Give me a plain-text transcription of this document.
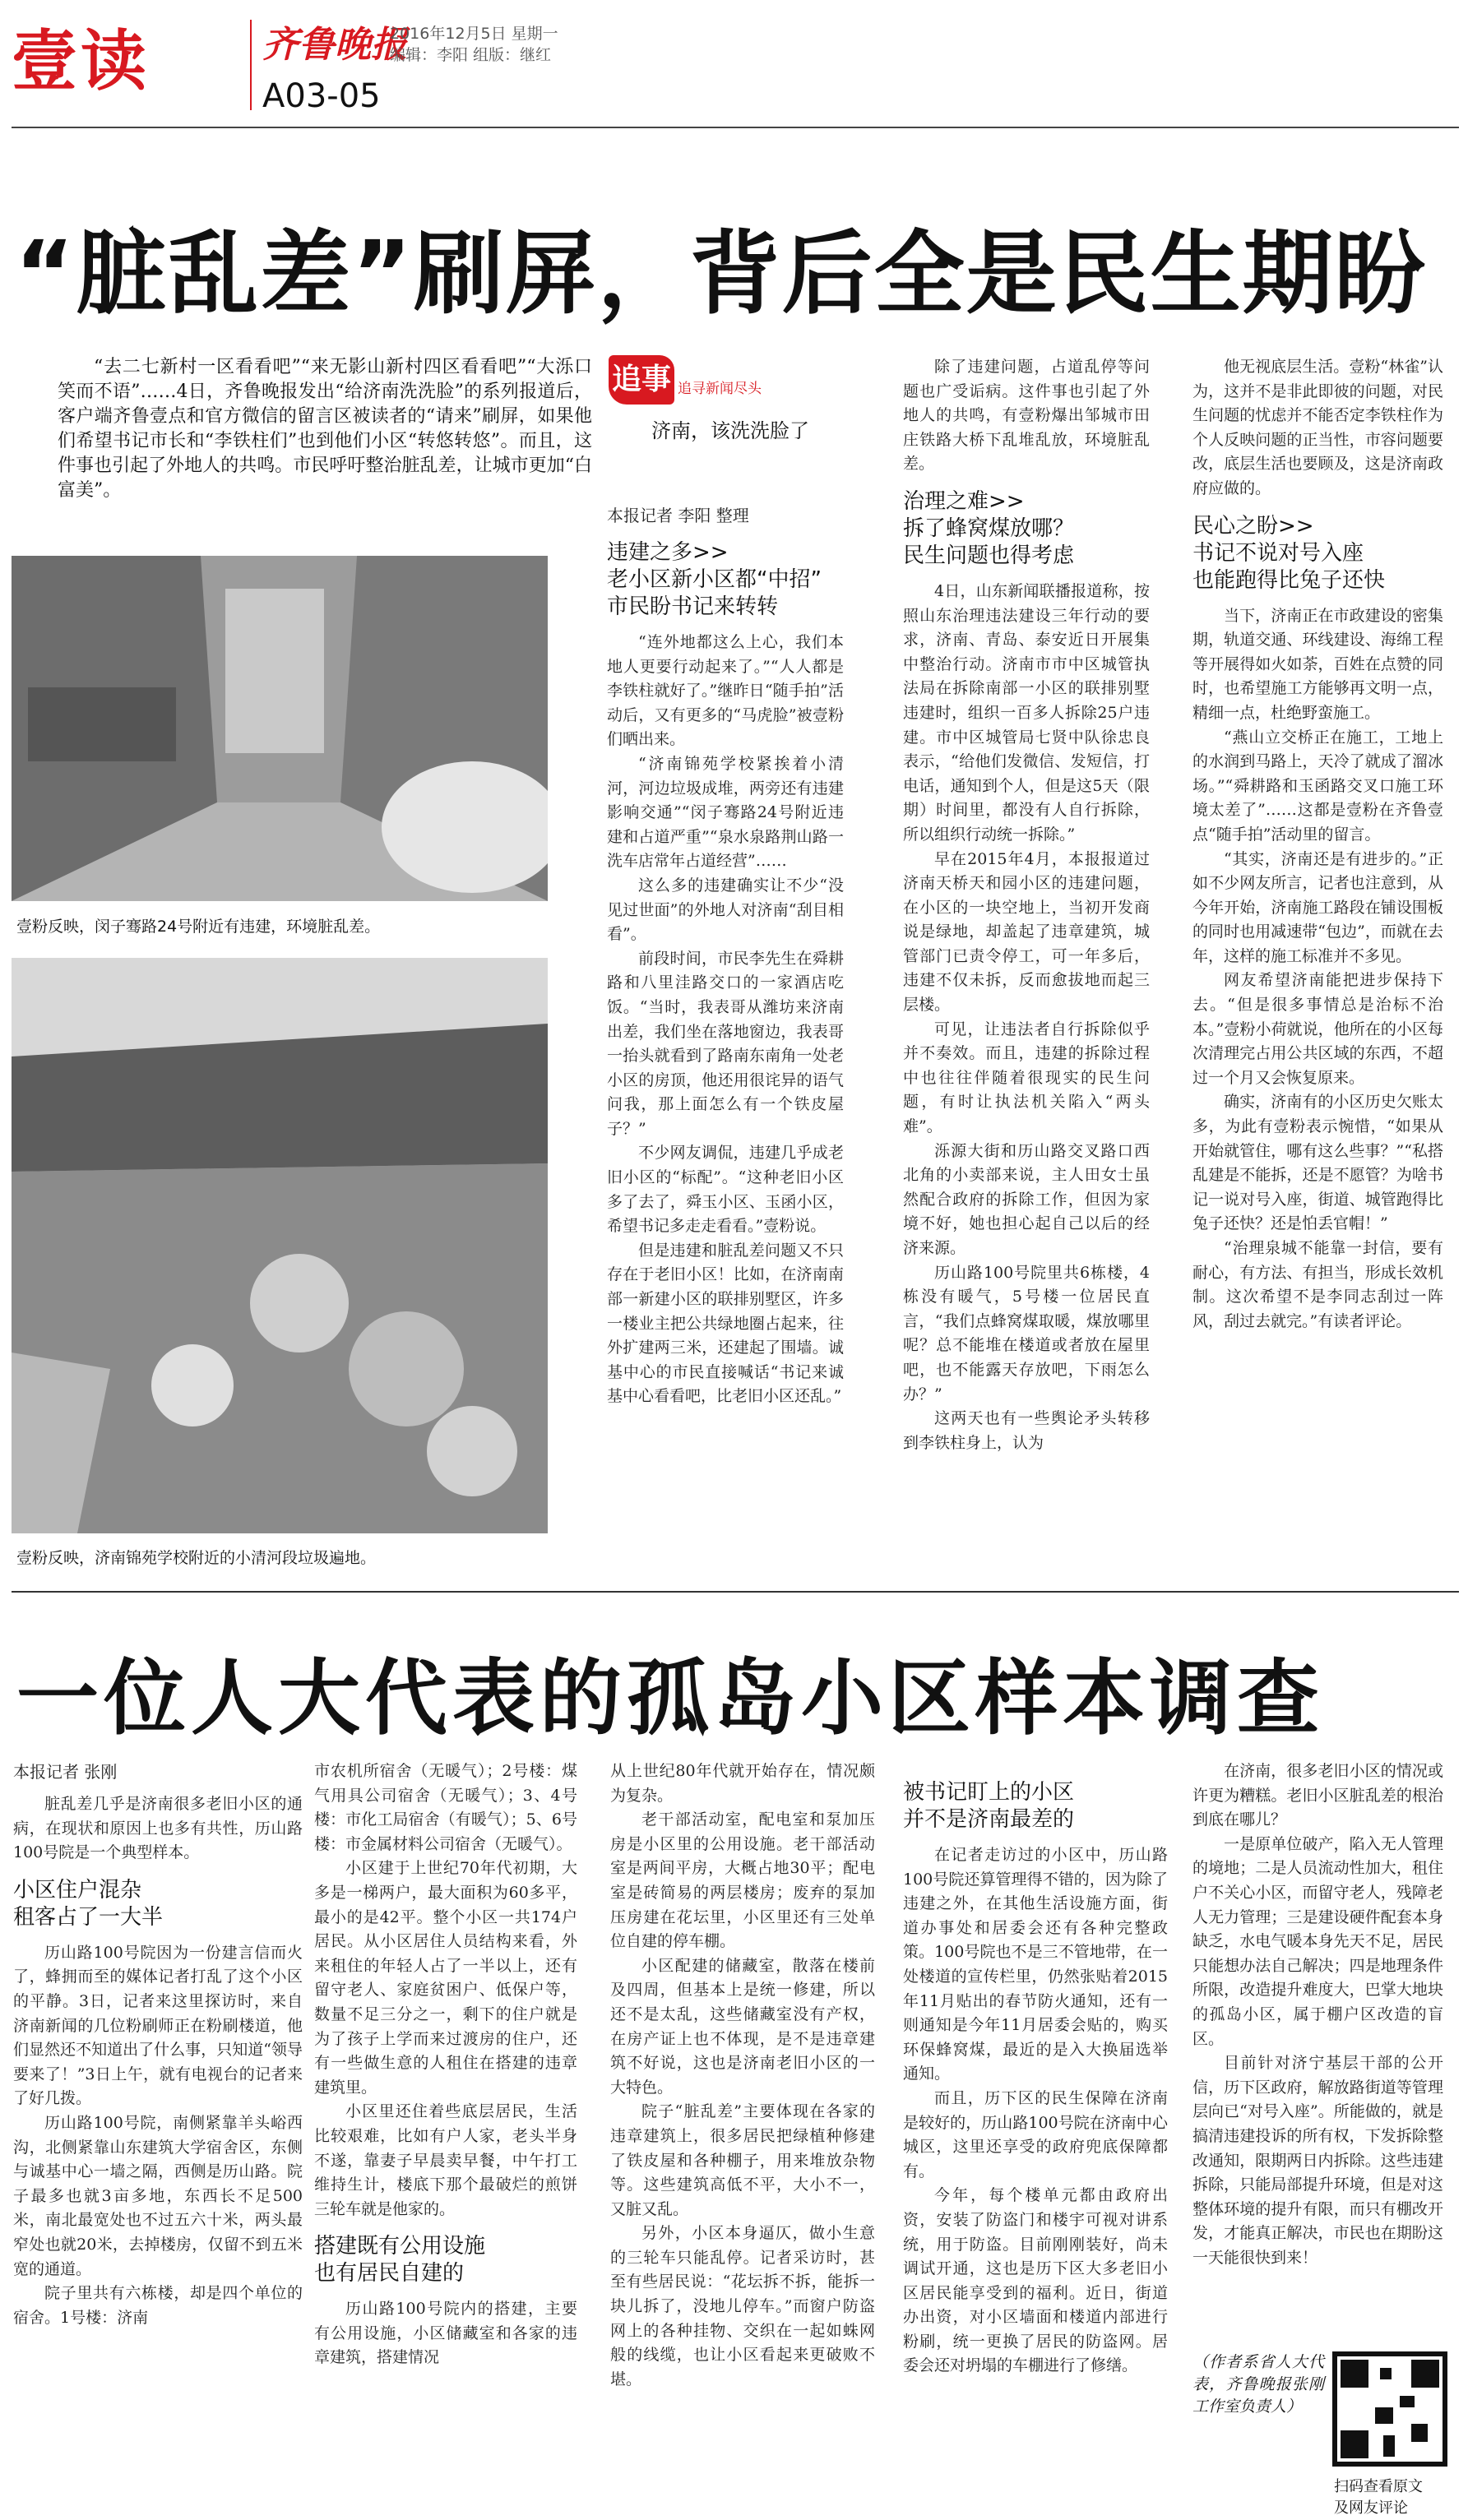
壹读	齐鲁晚报
2016年12月5日 星期一
编辑：李阳 组版：继红
A03-05
“脏乱差”刷屏，背后全是民生期盼

“去二七新村一区看看吧”“来无影山新村四区看看吧”“大泺口笑而不语”……4日，齐鲁晚报发出“给济南洗洗脸”的系列报道后，客户端齐鲁壹点和官方微信的留言区被读者的“请来”刷屏，如果他们希望书记市长和“李铁柱们”也到他们小区“转悠转悠”。而且，这件事也引起了外地人的共鸣。市民呼吁整治脏乱差，让城市更加“白富美”。

壹粉反映，闵子骞路24号附近有违建，环境脏乱差。
壹粉反映，济南锦苑学校附近的小清河段垃圾遍地。
追事 追寻新闻尽头
济南，该洗洗脸了
本报记者 李阳 整理
违建之多>>
老小区新小区都“中招”
市民盼书记来转转

“连外地都这么上心，我们本地人更要行动起来了。”“人人都是李铁柱就好了。”继昨日“随手拍”活动后，又有更多的“马虎脸”被壹粉们晒出来。

“济南锦苑学校紧挨着小清河，河边垃圾成堆，两旁还有违建影响交通”“闵子骞路24号附近违建和占道严重”“泉水泉路荆山路一洗车店常年占道经营”……

这么多的违建确实让不少“没见过世面”的外地人对济南“刮目相看”。

前段时间，市民李先生在舜耕路和八里洼路交口的一家酒店吃饭。“当时，我表哥从潍坊来济南出差，我们坐在落地窗边，我表哥一抬头就看到了路南东南角一处老小区的房顶，他还用很诧异的语气问我，那上面怎么有一个铁皮屋子？”

不少网友调侃，违建几乎成老旧小区的“标配”。“这种老旧小区多了去了，舜玉小区、玉函小区，希望书记多走走看看。”壹粉说。

但是违建和脏乱差问题又不只存在于老旧小区！比如，在济南南部一新建小区的联排别墅区，许多一楼业主把公共绿地圈占起来，往外扩建两三米，还建起了围墙。诚基中心的市民直接喊话“书记来诚基中心看看吧，比老旧小区还乱。”

除了违建问题，占道乱停等问题也广受诟病。这件事也引起了外地人的共鸣，有壹粉爆出邹城市田庄铁路大桥下乱堆乱放，环境脏乱差。

治理之难>>
拆了蜂窝煤放哪？
民生问题也得考虑

4日，山东新闻联播报道称，按照山东治理违法建设三年行动的要求，济南、青岛、泰安近日开展集中整治行动。济南市市中区城管执法局在拆除南部一小区的联排别墅违建时，组织一百多人拆除25户违建。市中区城管局七贤中队徐忠良表示，“给他们发微信、发短信，打电话，通知到个人，但是这5天（限期）时间里，都没有人自行拆除，所以组织行动统一拆除。”

早在2015年4月，本报报道过济南天桥天和园小区的违建问题，在小区的一块空地上，当初开发商说是绿地，却盖起了违章建筑，城管部门已责令停工，可一年多后，违建不仅未拆，反而愈拔地而起三层楼。

可见，让违法者自行拆除似乎并不奏效。而且，违建的拆除过程中也往往伴随着很现实的民生问题，有时让执法机关陷入“两头难”。

泺源大街和历山路交叉路口西北角的小卖部来说，主人田女士虽然配合政府的拆除工作，但因为家境不好，她也担心起自己以后的经济来源。

历山路100号院里共6栋楼，4栋没有暖气，5号楼一位居民直言，“我们点蜂窝煤取暖，煤放哪里呢？总不能堆在楼道或者放在屋里吧，也不能露天存放吧，下雨怎么办？”

这两天也有一些舆论矛头转移到李铁柱身上，认为

他无视底层生活。壹粉“林雀”认为，这并不是非此即彼的问题，对民生问题的忧虑并不能否定李铁柱作为个人反映问题的正当性，市容问题要改，底层生活也要顾及，这是济南政府应做的。

民心之盼>>
书记不说对号入座
也能跑得比兔子还快

当下，济南正在市政建设的密集期，轨道交通、环线建设、海绵工程等开展得如火如荼，百姓在点赞的同时，也希望施工方能够再文明一点，精细一点，杜绝野蛮施工。

“燕山立交桥正在施工，工地上的水润到马路上，天冷了就成了溜冰场。”“舜耕路和玉函路交叉口施工环境太差了”……这都是壹粉在齐鲁壹点“随手拍”活动里的留言。

“其实，济南还是有进步的。”正如不少网友所言，记者也注意到，从今年开始，济南施工路段在铺设围板的同时也用减速带“包边”，而就在去年，这样的施工标准并不多见。

网友希望济南能把进步保持下去。“但是很多事情总是治标不治本。”壹粉小荷就说，他所在的小区每次清理完占用公共区域的东西，不超过一个月又会恢复原来。

确实，济南有的小区历史欠账太多，为此有壹粉表示惋惜，“如果从开始就管住，哪有这么些事？”“私搭乱建是不能拆，还是不愿管？为啥书记一说对号入座，街道、城管跑得比兔子还快？还是怕丢官帽！”

“治理泉城不能靠一封信，要有耐心，有方法、有担当，形成长效机制。这次希望不是李同志刮过一阵风，刮过去就完。”有读者评论。

一位人大代表的孤岛小区样本调查
本报记者 张刚

脏乱差几乎是济南很多老旧小区的通病，在现状和原因上也多有共性，历山路100号院是一个典型样本。

小区住户混杂
租客占了一大半

历山路100号院因为一份建言信而火了，蜂拥而至的媒体记者打乱了这个小区的平静。3日，记者来这里探访时，来自济南新闻的几位粉刷师正在粉刷楼道，他们显然还不知道出了什么事，只知道“领导要来了！”3日上午，就有电视台的记者来了好几拨。

历山路100号院，南侧紧靠羊头峪西沟，北侧紧靠山东建筑大学宿舍区，东侧与诚基中心一墙之隔，西侧是历山路。院子最多也就3亩多地，东西长不足500米，南北最宽处也不过五六十米，两头最窄处也就20米，去掉楼房，仅留不到五米宽的通道。

院子里共有六栋楼，却是四个单位的宿舍。1号楼：济南

市农机所宿舍（无暖气）；2号楼：煤气用具公司宿舍（无暖气）；3、4号楼：市化工局宿舍（有暖气）；5、6号楼：市金属材料公司宿舍（无暖气）。

小区建于上世纪70年代初期，大多是一梯两户，最大面积为60多平，最小的是42平。整个小区一共174户居民。从小区居住人员结构来看，外来租住的年轻人占了一半以上，还有留守老人、家庭贫困户、低保户等，数量不足三分之一，剩下的住户就是为了孩子上学而来过渡房的住户，还有一些做生意的人租住在搭建的违章建筑里。

小区里还住着些底层居民，生活比较艰难，比如有户人家，老头半身不遂，靠妻子早晨卖早餐，中午打工维持生计，楼底下那个最破烂的煎饼三轮车就是他家的。

搭建既有公用设施
也有居民自建的

历山路100号院内的搭建，主要有公用设施，小区储藏室和各家的违章建筑，搭建情况

从上世纪80年代就开始存在，情况颇为复杂。

老干部活动室，配电室和泵加压房是小区里的公用设施。老干部活动室是两间平房，大概占地30平；配电室是砖简易的两层楼房；废弃的泵加压房建在花坛里，小区里还有三处单位自建的停车棚。

小区配建的储藏室，散落在楼前及四周，但基本上是统一修建，所以还不是太乱，这些储藏室没有产权，在房产证上也不体现，是不是违章建筑不好说，这也是济南老旧小区的一大特色。

院子“脏乱差”主要体现在各家的违章建筑上，很多居民把绿植种修建了铁皮屋和各种棚子，用来堆放杂物等。这些建筑高低不平，大小不一，又脏又乱。

另外，小区本身逼仄，做小生意的三轮车只能乱停。记者采访时，甚至有些居民说：“花坛拆不拆，能拆一块儿拆了，没地儿停车。”而窗户防盗网上的各种挂物、交织在一起如蛛网般的线缆，也让小区看起来更破败不堪。

被书记盯上的小区
并不是济南最差的

在记者走访过的小区中，历山路100号院还算管理得不错的，因为除了违建之外，在其他生活设施方面，街道办事处和居委会还有各种完整政策。100号院也不是三不管地带，在一处楼道的宣传栏里，仍然张贴着2015年11月贴出的春节防火通知，还有一则通知是今年11月居委会贴的，购买环保蜂窝煤，最近的是入大换届选举通知。

而且，历下区的民生保障在济南是较好的，历山路100号院在济南中心城区，这里还享受的政府兜底保障都有。

今年，每个楼单元都由政府出资，安装了防盗门和楼宇可视对讲系统，用于防盗。目前刚刚装好，尚未调试开通，这也是历下区大多老旧小区居民能享受到的福利。近日，街道办出资，对小区墙面和楼道内部进行粉刷，统一更换了居民的防盗网。居委会还对坍塌的车棚进行了修缮。

在济南，很多老旧小区的情况或许更为糟糕。老旧小区脏乱差的根治到底在哪儿？

一是原单位破产，陷入无人管理的境地；二是人员流动性加大，租住户不关心小区，而留守老人，残障老人无力管理；三是建设硬件配套本身缺乏，水电气暖本身先天不足，居民只能想办法自己解决；四是地理条件所限，改造提升难度大，巴掌大地块的孤岛小区，属于棚户区改造的盲区。

目前针对济宁基层干部的公开信，历下区政府，解放路街道等管理层向已“对号入座”。所能做的，就是搞清违建投诉的所有权，下发拆除整改通知，限期两日内拆除。这些违建拆除，只能局部提升环境，但是对这整体环境的提升有限，而只有棚改开发，才能真正解决，市民也在期盼这一天能很快到来！

（作者系省人大代表，齐鲁晚报张刚工作室负责人）
扫码查看原文
及网友评论
